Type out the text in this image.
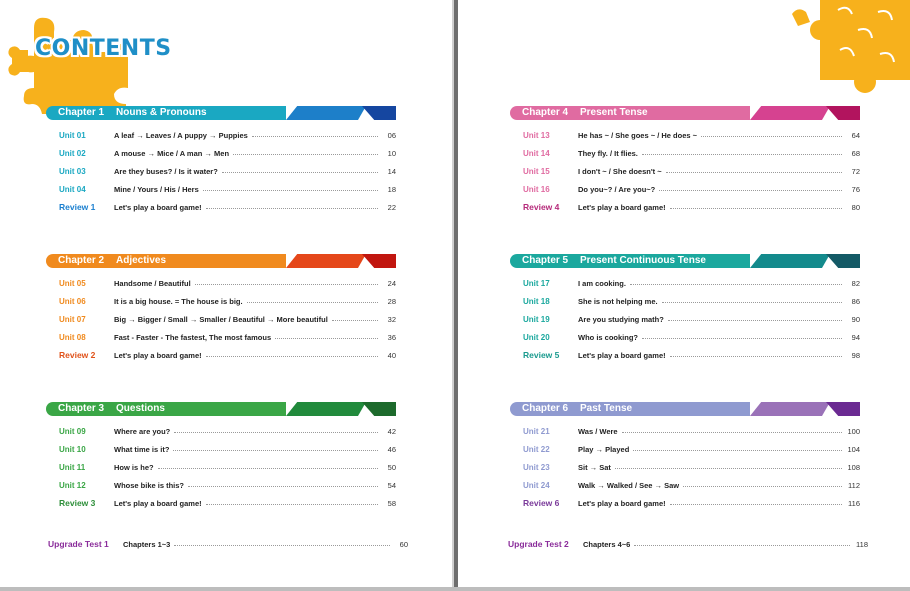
CONTENTS
Chapter 1 Nouns & Pronouns
Unit 01	A leaf → Leaves / A puppy → Puppies	06
Unit 02	A mouse → Mice / A man → Men	10
Unit 03	Are they buses? / Is it water?	14
Unit 04	Mine / Yours / His / Hers	18
Review 1	Let's play a board game!	22
Chapter 2 Adjectives
Unit 05	Handsome / Beautiful	24
Unit 06	It is a big house. = The house is big.	28
Unit 07	Big → Bigger / Small → Smaller / Beautiful → More beautiful	32
Unit 08	Fast - Faster - The fastest, The most famous	36
Review 2	Let's play a board game!	40
Chapter 3 Questions
Unit 09	Where are you?	42
Unit 10	What time is it?	46
Unit 11	How is he?	50
Unit 12	Whose bike is this?	54
Review 3	Let's play a board game!	58
Upgrade Test 1	Chapters 1~3	60
Chapter 4 Present Tense
Unit 13	He has ~ / She goes ~ / He does ~	64
Unit 14	They fly. / It flies.	68
Unit 15	I don't ~ / She doesn't ~	72
Unit 16	Do you~? / Are you~?	76
Review 4	Let's play a board game!	80
Chapter 5 Present Continuous Tense
Unit 17	I am cooking.	82
Unit 18	She is not helping me.	86
Unit 19	Are you studying math?	90
Unit 20	Who is cooking?	94
Review 5	Let's play a board game!	98
Chapter 6 Past Tense
Unit 21	Was / Were	100
Unit 22	Play → Played	104
Unit 23	Sit → Sat	108
Unit 24	Walk → Walked / See → Saw	112
Review 6	Let's play a board game!	116
Upgrade Test 2	Chapters 4~6	118
